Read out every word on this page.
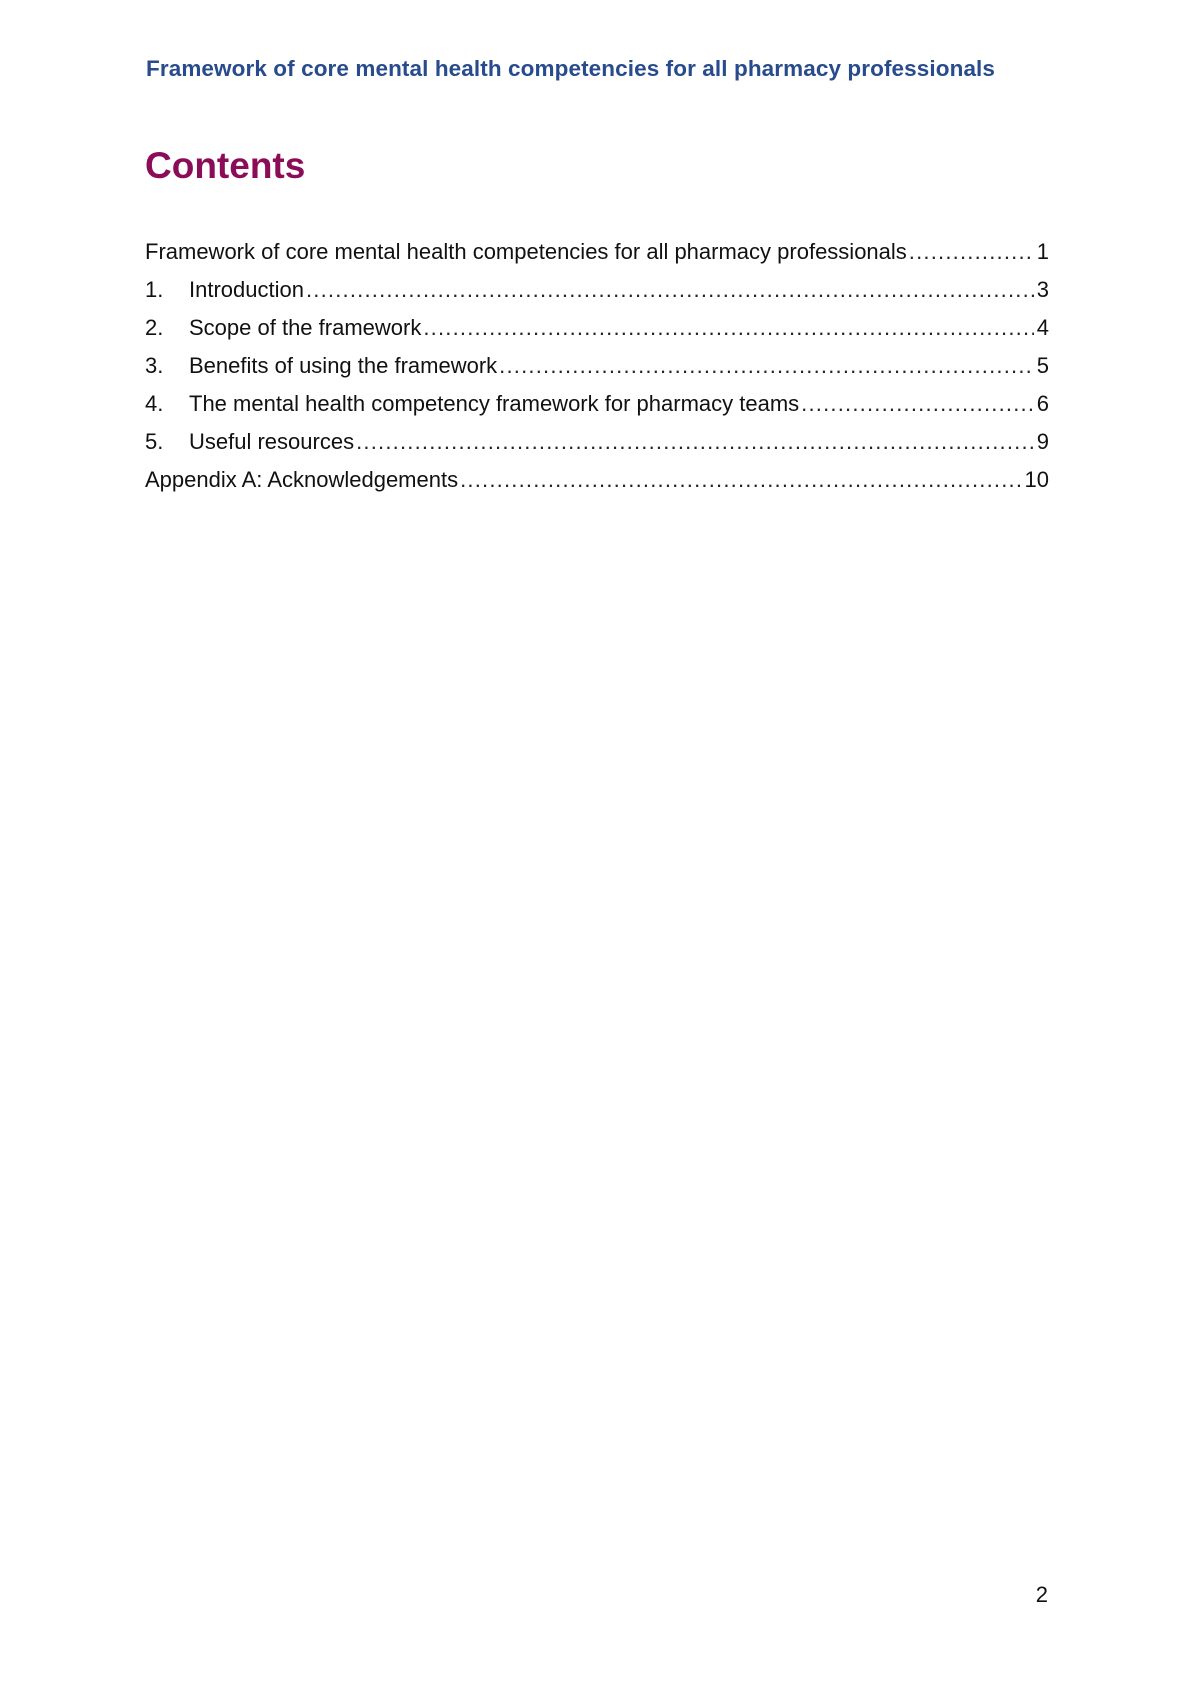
Framework of core mental health competencies for all pharmacy professionals
Contents
Framework of core mental health competencies for all pharmacy professionals .....	1
1.	Introduction .....	3
2.	Scope of the framework .....	4
3.	Benefits of using the framework .....	5
4.	The mental health competency framework for pharmacy teams .....	6
5.	Useful resources .....	9
Appendix A: Acknowledgements .....	10
2
